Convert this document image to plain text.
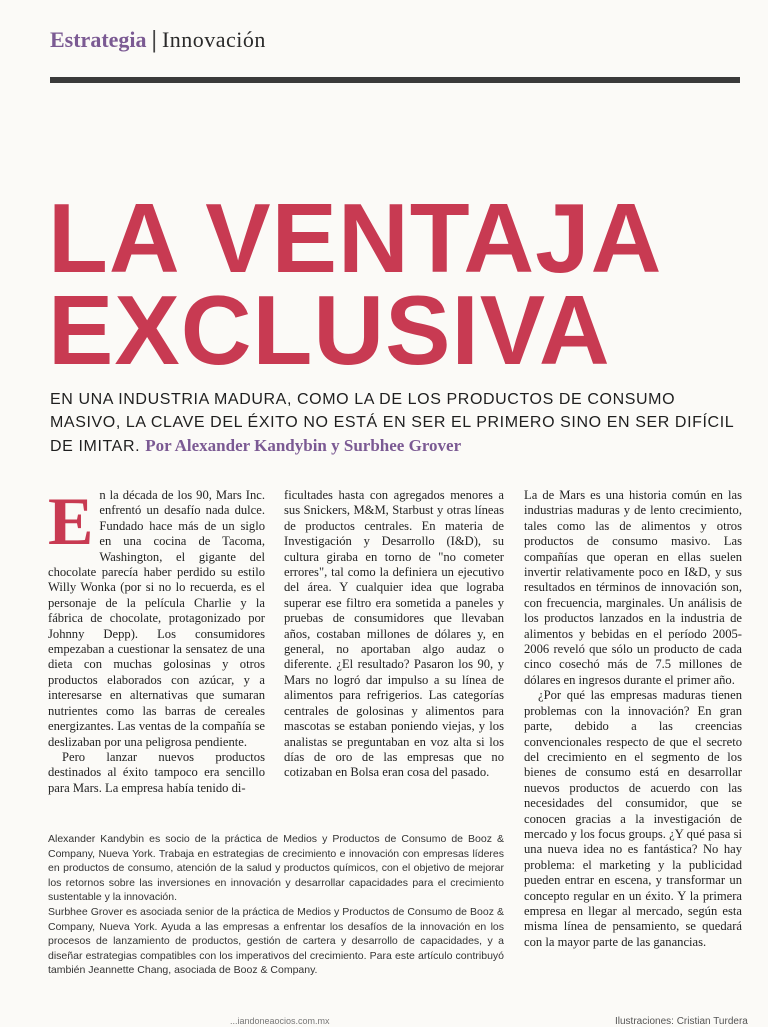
Estrategia | Innovación
LA VENTAJA
EXCLUSIVA
EN UNA INDUSTRIA MADURA, COMO LA DE LOS PRODUCTOS DE CONSUMO MASIVO, LA CLAVE DEL ÉXITO NO ESTÁ EN SER EL PRIMERO SINO EN SER DIFÍCIL DE IMITAR. Por Alexander Kandybin y Surbhee Grover
E n la década de los 90, Mars Inc. enfrentó un desafío nada dulce. Fundado hace más de un siglo en una cocina de Tacoma, Washington, el gigante del chocolate parecía haber perdido su estilo Willy Wonka (por si no lo recuerda, es el personaje de la película Charlie y la fábrica de chocolate, protagonizado por Johnny Depp). Los consumidores empezaban a cuestionar la sensatez de una dieta con muchas golosinas y otros productos elaborados con azúcar, y a interesarse en alternativas que sumaran nutrientes como las barras de cereales energizantes. Las ventas de la compañía se deslizaban por una peligrosa pendiente.

Pero lanzar nuevos productos destinados al éxito tampoco era sencillo para Mars. La empresa había tenido di-

ficultades hasta con agregados menores a sus Snickers, M&M, Starbust y otras líneas de productos centrales. En materia de Investigación y Desarrollo (I&D), su cultura giraba en torno de "no cometer errores", tal como la definiera un ejecutivo del área. Y cualquier idea que lograba superar ese filtro era sometida a paneles y pruebas de consumidores que llevaban años, costaban millones de dólares y, en general, no aportaban algo audaz o diferente. ¿El resultado? Pasaron los 90, y Mars no logró dar impulso a su línea de alimentos para refrigerios. Las categorías centrales de golosinas y alimentos para mascotas se estaban poniendo viejas, y los analistas se preguntaban en voz alta si los días de oro de las empresas que no cotizaban en Bolsa eran cosa del pasado.

La de Mars es una historia común en las industrias maduras y de lento crecimiento, tales como las de alimentos y otros productos de consumo masivo. Las compañías que operan en ellas suelen invertir relativamente poco en I&D, y sus resultados en términos de innovación son, con frecuencia, marginales. Un análisis de los productos lanzados en la industria de alimentos y bebidas en el período 2005-2006 reveló que sólo un producto de cada cinco cosechó más de 7.5 millones de dólares en ingresos durante el primer año.

¿Por qué las empresas maduras tienen problemas con la innovación? En gran parte, debido a las creencias convencionales respecto de que el secreto del crecimiento en el segmento de los bienes de consumo está en desarrollar nuevos productos de acuerdo con las necesidades del consumidor, que se conocen gracias a la investigación de mercado y los focus groups. ¿Y qué pasa si una nueva idea no es fantástica? No hay problema: el marketing y la publicidad pueden entrar en escena, y transformar un concepto regular en un éxito. Y la primera empresa en llegar al mercado, según esta misma línea de pensamiento, se quedará con la mayor parte de las ganancias.

Alexander Kandybin es socio de la práctica de Medios y Productos de Consumo de Booz & Company, Nueva York. Trabaja en estrategias de crecimiento e innovación con empresas líderes en productos de consumo, atención de la salud y productos químicos, con el objetivo de mejorar los retornos sobre las inversiones en innovación y desarrollar capacidades para el crecimiento sustentable y la innovación.

Surbhee Grover es asociada senior de la práctica de Medios y Productos de Consumo de Booz & Company, Nueva York. Ayuda a las empresas a enfrentar los desafíos de la innovación en los procesos de lanzamiento de productos, gestión de cartera y desarrollo de capacidades, y a diseñar estrategias compatibles con los imperativos del crecimiento. Para este artículo contribuyó también Jeannette Chang, asociada de Booz & Company.

...iandoneaocios.com.mx	Ilustraciones: Cristian Turdera
